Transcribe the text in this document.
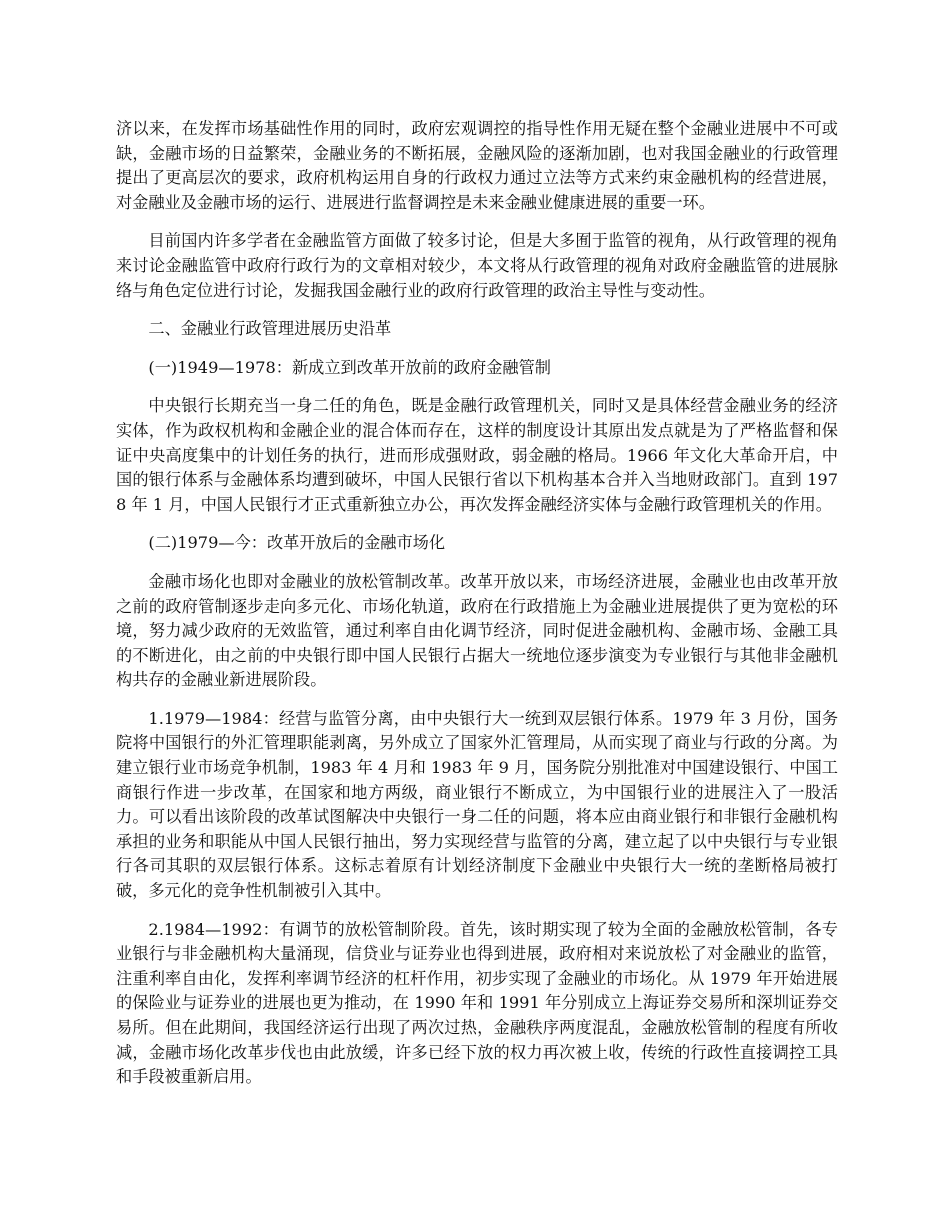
济以来，在发挥市场基础性作用的同时，政府宏观调控的指导性作用无疑在整个金融业进展中不可或缺，金融市场的日益繁荣，金融业务的不断拓展，金融风险的逐渐加剧，也对我国金融业的行政管理提出了更高层次的要求，政府机构运用自身的行政权力通过立法等方式来约束金融机构的经营进展，对金融业及金融市场的运行、进展进行监督调控是未来金融业健康进展的重要一环。

目前国内许多学者在金融监管方面做了较多讨论，但是大多囿于监管的视角，从行政管理的视角来讨论金融监管中政府行政行为的文章相对较少，本文将从行政管理的视角对政府金融监管的进展脉络与角色定位进行讨论，发掘我国金融行业的政府行政管理的政治主导性与变动性。

二、金融业行政管理进展历史沿革

(一)1949—1978：新成立到改革开放前的政府金融管制

中央银行长期充当一身二任的角色，既是金融行政管理机关，同时又是具体经营金融业务的经济实体，作为政权机构和金融企业的混合体而存在，这样的制度设计其原出发点就是为了严格监督和保证中央高度集中的计划任务的执行，进而形成强财政，弱金融的格局。1966 年文化大革命开启，中国的银行体系与金融体系均遭到破坏，中国人民银行省以下机构基本合并入当地财政部门。直到 1978 年 1 月，中国人民银行才正式重新独立办公，再次发挥金融经济实体与金融行政管理机关的作用。

(二)1979—今：改革开放后的金融市场化

金融市场化也即对金融业的放松管制改革。改革开放以来，市场经济进展，金融业也由改革开放之前的政府管制逐步走向多元化、市场化轨道，政府在行政措施上为金融业进展提供了更为宽松的环境，努力减少政府的无效监管，通过利率自由化调节经济，同时促进金融机构、金融市场、金融工具的不断进化，由之前的中央银行即中国人民银行占据大一统地位逐步演变为专业银行与其他非金融机构共存的金融业新进展阶段。

1.1979—1984：经营与监管分离，由中央银行大一统到双层银行体系。1979 年 3 月份，国务院将中国银行的外汇管理职能剥离，另外成立了国家外汇管理局，从而实现了商业与行政的分离。为建立银行业市场竞争机制，1983 年 4 月和 1983 年 9 月，国务院分别批准对中国建设银行、中国工商银行作进一步改革，在国家和地方两级，商业银行不断成立，为中国银行业的进展注入了一股活力。可以看出该阶段的改革试图解决中央银行一身二任的问题，将本应由商业银行和非银行金融机构承担的业务和职能从中国人民银行抽出，努力实现经营与监管的分离，建立起了以中央银行与专业银行各司其职的双层银行体系。这标志着原有计划经济制度下金融业中央银行大一统的垄断格局被打破，多元化的竞争性机制被引入其中。

2.1984—1992：有调节的放松管制阶段。首先，该时期实现了较为全面的金融放松管制，各专业银行与非金融机构大量涌现，信贷业与证券业也得到进展，政府相对来说放松了对金融业的监管，注重利率自由化，发挥利率调节经济的杠杆作用，初步实现了金融业的市场化。从 1979 年开始进展的保险业与证券业的进展也更为推动，在 1990 年和 1991 年分别成立上海证券交易所和深圳证券交易所。但在此期间，我国经济运行出现了两次过热，金融秩序两度混乱，金融放松管制的程度有所收减，金融市场化改革步伐也由此放缓，许多已经下放的权力再次被上收，传统的行政性直接调控工具和手段被重新启用。
